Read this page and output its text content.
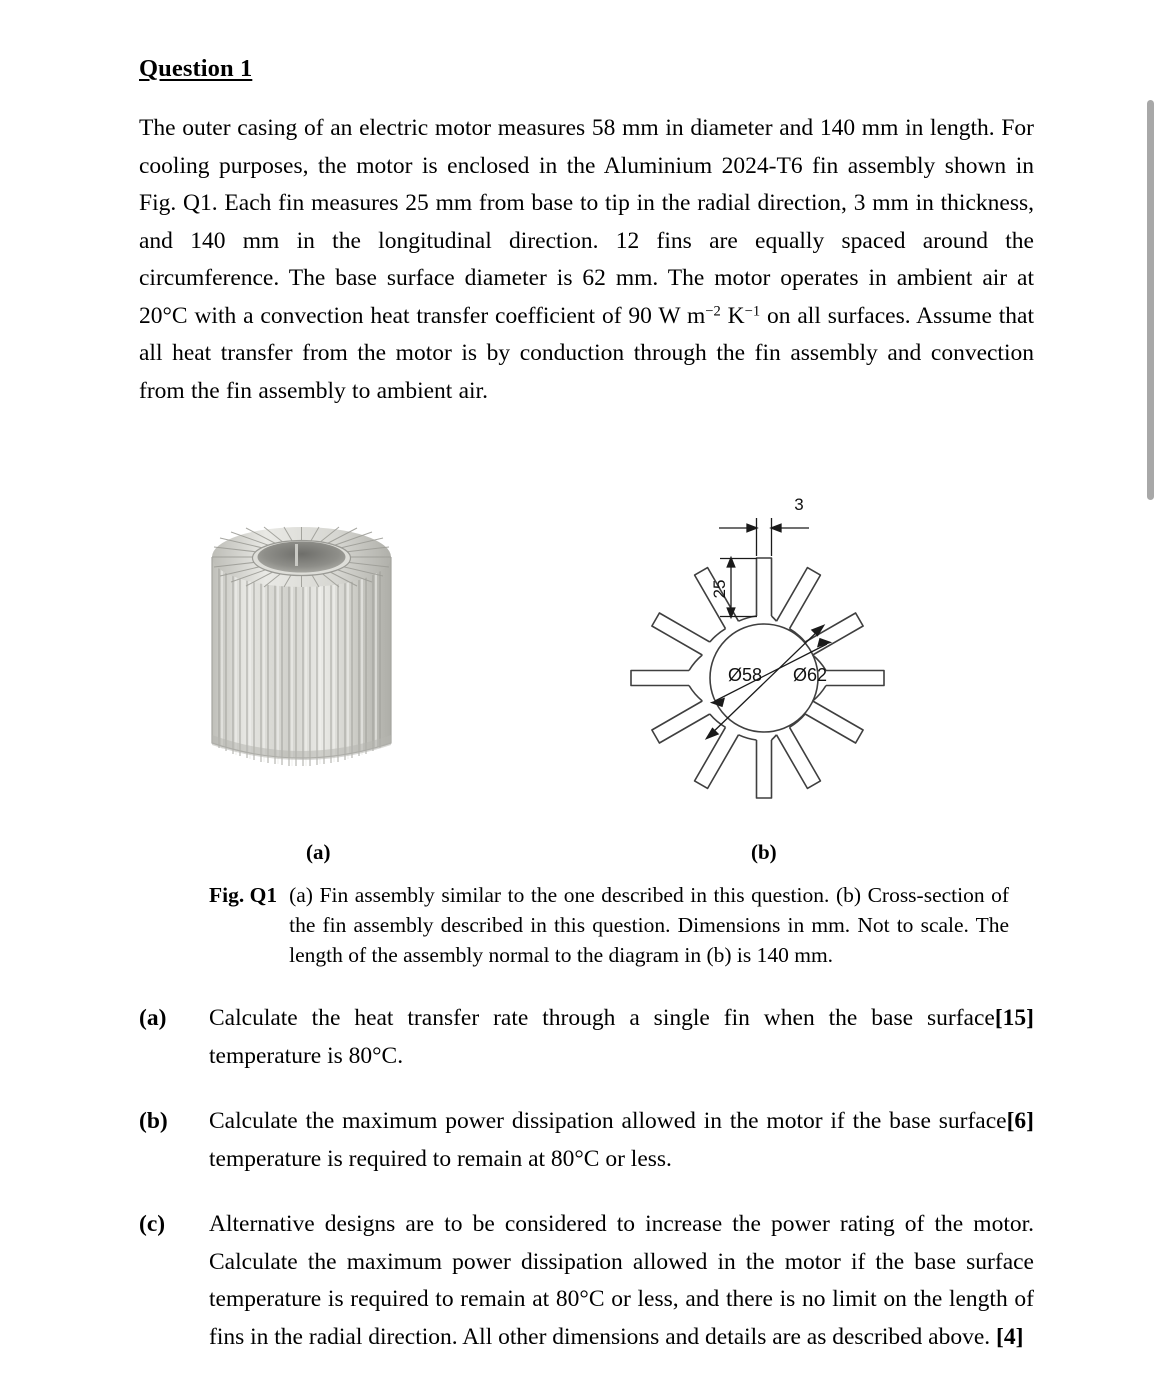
Question 1

The outer casing of an electric motor measures 58 mm in diameter and 140 mm in length. For cooling purposes, the motor is enclosed in the Aluminium 2024-T6 fin assembly shown in Fig. Q1. Each fin measures 25 mm from base to tip in the radial direction, 3 mm in thickness, and 140 mm in the longitudinal direction. 12 fins are equally spaced around the circumference. The base surface diameter is 62 mm. The motor operates in ambient air at 20°C with a convection heat transfer coefficient of 90 W $m^{-2}$ $K^{-1}$ on all surfaces. Assume that all heat transfer from the motor is by conduction through the fin assembly and convection from the fin assembly to ambient air.

25
3
Ø58 Ø62
(a)	(b)
Fig. Q1 (a) Fin assembly similar to the one described in this question. (b) Cross-section of the fin assembly described in this question. Dimensions in mm. Not to scale. The length of the assembly normal to the diagram in (b) is 140 mm.
(a)	[15]
Calculate the heat transfer rate through a single fin when the base surface temperature is 80°C.
(b)	[6]
Calculate the maximum power dissipation allowed in the motor if the base surface temperature is required to remain at 80°C or less.
(c)	Alternative designs are to be considered to increase the power rating of the motor. Calculate the maximum power dissipation allowed in the motor if the base surface temperature is required to remain at 80°C or less, and there is no limit on the length of fins in the radial direction. All other dimensions and details are as described above. [4]
